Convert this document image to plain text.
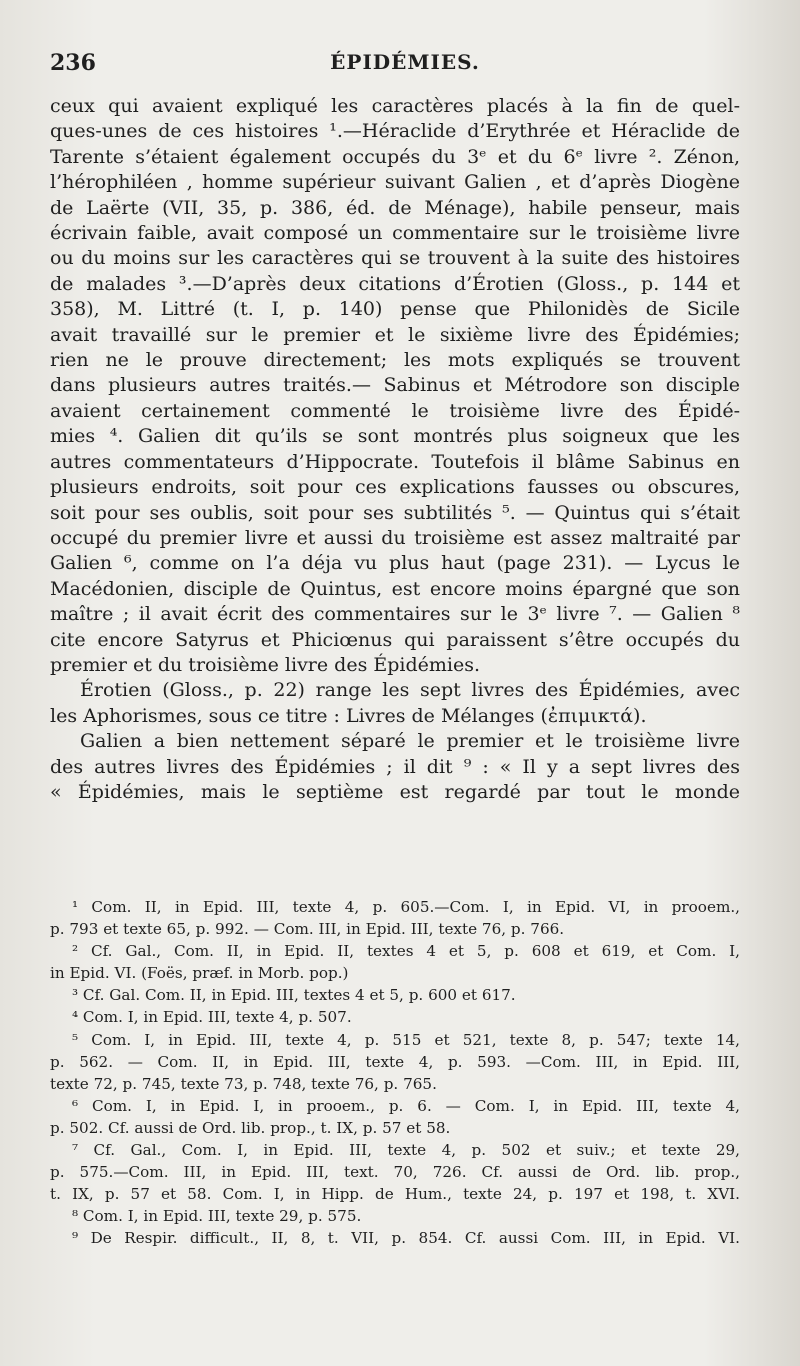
236	ÉPIDÉMIES.
ceux qui avaient expliqué les caractères placés à la fin de quel-
ques-unes de ces histoires ¹.—Héraclide d’Erythrée et Héraclide de
Tarente s’étaient également occupés du 3ᵉ et du 6ᵉ livre ². Zénon,
l’hérophiléen , homme supérieur suivant Galien , et d’après Diogène
de Laërte (VII, 35, p. 386, éd. de Ménage), habile penseur, mais
écrivain faible, avait composé un commentaire sur le troisième livre
ou du moins sur les caractères qui se trouvent à la suite des histoires
de malades ³.—D’après deux citations d’Érotien (Gloss., p. 144 et
358), M. Littré (t. I, p. 140) pense que Philonidès de Sicile
avait travaillé sur le premier et le sixième livre des Épidémies;
rien ne le prouve directement; les mots expliqués se trouvent
dans plusieurs autres traités.— Sabinus et Métrodore son disciple
avaient certainement commenté le troisième livre des Épidé-
mies ⁴. Galien dit qu’ils se sont montrés plus soigneux que les
autres commentateurs d’Hippocrate. Toutefois il blâme Sabinus en
plusieurs endroits, soit pour ces explications fausses ou obscures,
soit pour ses oublis, soit pour ses subtilités ⁵. — Quintus qui s’était
occupé du premier livre et aussi du troisième est assez maltraité par
Galien ⁶, comme on l’a déja vu plus haut (page 231). — Lycus le
Macédonien, disciple de Quintus, est encore moins épargné que son
maître ; il avait écrit des commentaires sur le 3ᵉ livre ⁷. — Galien ⁸
cite encore Satyrus et Phiciœnus qui paraissent s’être occupés du
premier et du troisième livre des Épidémies.
Érotien (Gloss., p. 22) range les sept livres des Épidémies, avec
les Aphorismes, sous ce titre : Livres de Mélanges (ἐπιμικτά).
Galien a bien nettement séparé le premier et le troisième livre
des autres livres des Épidémies ; il dit ⁹ : « Il y a sept livres des
« Épidémies, mais le septième est regardé par tout le monde
¹ Com. II, in Epid. III, texte 4, p. 605.—Com. I, in Epid. VI, in prooem.,
p. 793 et texte 65, p. 992. — Com. III, in Epid. III, texte 76, p. 766.
² Cf. Gal., Com. II, in Epid. II, textes 4 et 5, p. 608 et 619, et Com. I,
in Epid. VI. (Foës, præf. in Morb. pop.)
³ Cf. Gal. Com. II, in Epid. III, textes 4 et 5, p. 600 et 617.
⁴ Com. I, in Epid. III, texte 4, p. 507.
⁵ Com. I, in Epid. III, texte 4, p. 515 et 521, texte 8, p. 547; texte 14,
p. 562. — Com. II, in Epid. III, texte 4, p. 593. —Com. III, in Epid. III,
texte 72, p. 745, texte 73, p. 748, texte 76, p. 765.
⁶ Com. I, in Epid. I, in prooem., p. 6. — Com. I, in Epid. III, texte 4,
p. 502. Cf. aussi de Ord. lib. prop., t. IX, p. 57 et 58.
⁷ Cf. Gal., Com. I, in Epid. III, texte 4, p. 502 et suiv.; et texte 29,
p. 575.—Com. III, in Epid. III, text. 70, 726. Cf. aussi de Ord. lib. prop.,
t. IX, p. 57 et 58. Com. I, in Hipp. de Hum., texte 24, p. 197 et 198, t. XVI.
⁸ Com. I, in Epid. III, texte 29, p. 575.
⁹ De Respir. difficult., II, 8, t. VII, p. 854. Cf. aussi Com. III, in Epid. VI.
